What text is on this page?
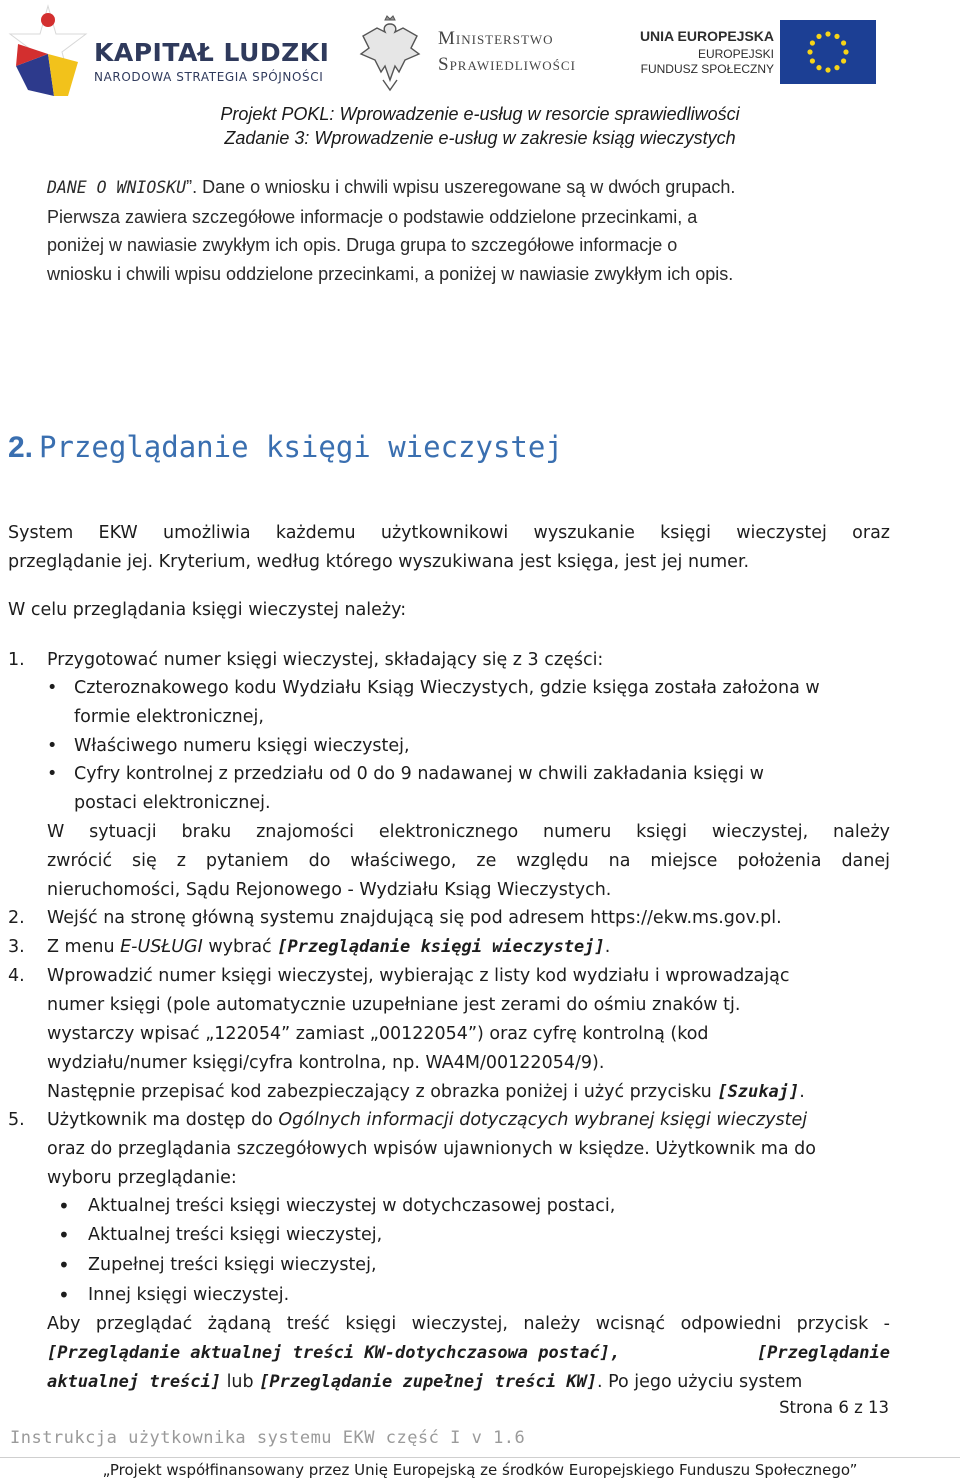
KAPITAŁ LUDZKI
NARODOWA STRATEGIA SPÓJNOŚCI
Ministerstwo
Sprawiedliwości
UNIA EUROPEJSKA
EUROPEJSKI
FUNDUSZ SPOŁECZNY
Projekt POKL: Wprowadzenie e-usług w resorcie sprawiedliwości
Zadanie 3: Wprowadzenie e-usług w zakresie ksiąg wieczystych
DANE O WNIOSKU”. Dane o wniosku i chwili wpisu uszeregowane są w dwóch grupach.
Pierwsza zawiera szczegółowe informacje o podstawie oddzielone przecinkami, a
poniżej w nawiasie zwykłym ich opis. Druga grupa to szczegółowe informacje o
wniosku i chwili wpisu oddzielone przecinkami, a poniżej w nawiasie zwykłym ich opis.
2. Przeglądanie księgi wieczystej
System EKW umożliwia każdemu użytkownikowi wyszukanie księgi wieczystej oraz
przeglądanie jej. Kryterium, według którego wyszukiwana jest księga, jest jej numer.
W celu przeglądania księgi wieczystej należy:
1.	Przygotować numer księgi wieczystej, składający się z 3 części:
• Czteroznakowego kodu Wydziału Ksiąg Wieczystych, gdzie księga została założona w
formie elektronicznej,
• Właściwego numeru księgi wieczystej,
• Cyfry kontrolnej z przedziału od 0 do 9 nadawanej w chwili zakładania księgi w
postaci elektronicznej.
W sytuacji braku znajomości elektronicznego numeru księgi wieczystej, należy
zwrócić się z pytaniem do właściwego, ze względu na miejsce położenia danej
nieruchomości, Sądu Rejonowego - Wydziału Ksiąg Wieczystych.
2.	Wejść na stronę główną systemu znajdującą się pod adresem https://ekw.ms.gov.pl.
3.	Z menu E-USŁUGI wybrać [Przeglądanie księgi wieczystej].
4.	Wprowadzić numer księgi wieczystej, wybierając z listy kod wydziału i wprowadzając
numer księgi (pole automatycznie uzupełniane jest zerami do ośmiu znaków tj.
wystarczy wpisać „122054” zamiast „00122054”) oraz cyfrę kontrolną (kod
wydziału/numer księgi/cyfra kontrolna, np. WA4M/00122054/9).
Następnie przepisać kod zabezpieczający z obrazka poniżej i użyć przycisku [Szukaj].
5.	Użytkownik ma dostęp do Ogólnych informacji dotyczących wybranej księgi wieczystej
oraz do przeglądania szczegółowych wpisów ujawnionych w księdze. Użytkownik ma do
wyboru przeglądanie:
• Aktualnej treści księgi wieczystej w dotychczasowej postaci,
• Aktualnej treści księgi wieczystej,
• Zupełnej treści księgi wieczystej,
• Innej księgi wieczystej.
Aby przeglądać żądaną treść księgi wieczystej, należy wcisnąć odpowiedni przycisk -
[Przeglądanie aktualnej treści KW-dotychczasowa postać],	[Przeglądanie
aktualnej treści] lub [Przeglądanie zupełnej treści KW]. Po jego użyciu system
Strona 6 z 13
Instrukcja użytkownika systemu EKW część I v 1.6
„Projekt współfinansowany przez Unię Europejską ze środków Europejskiego Funduszu Społecznego”
